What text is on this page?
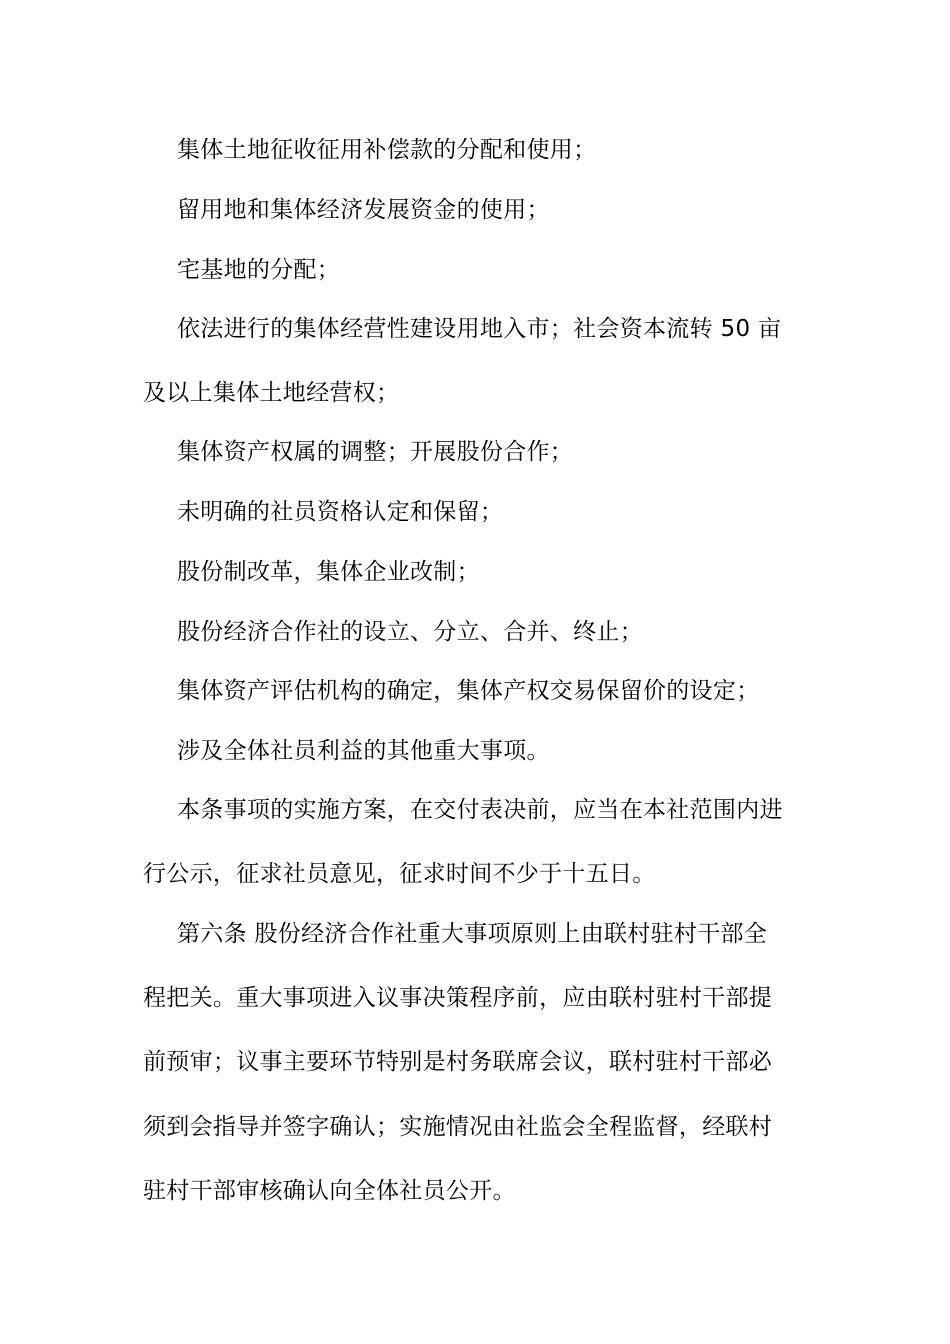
集体土地征收征用补偿款的分配和使用；

留用地和集体经济发展资金的使用；

宅基地的分配；

依法进行的集体经营性建设用地入市；社会资本流转 50 亩

及以上集体土地经营权；

集体资产权属的调整；开展股份合作；

未明确的社员资格认定和保留；

股份制改革，集体企业改制；

股份经济合作社的设立、分立、合并、终止；

集体资产评估机构的确定，集体产权交易保留价的设定；

涉及全体社员利益的其他重大事项。

本条事项的实施方案，在交付表决前，应当在本社范围内进

行公示，征求社员意见，征求时间不少于十五日。

第六条 股份经济合作社重大事项原则上由联村驻村干部全

程把关。重大事项进入议事决策程序前，应由联村驻村干部提

前预审；议事主要环节特别是村务联席会议，联村驻村干部必

须到会指导并签字确认；实施情况由社监会全程监督，经联村

驻村干部审核确认向全体社员公开。
